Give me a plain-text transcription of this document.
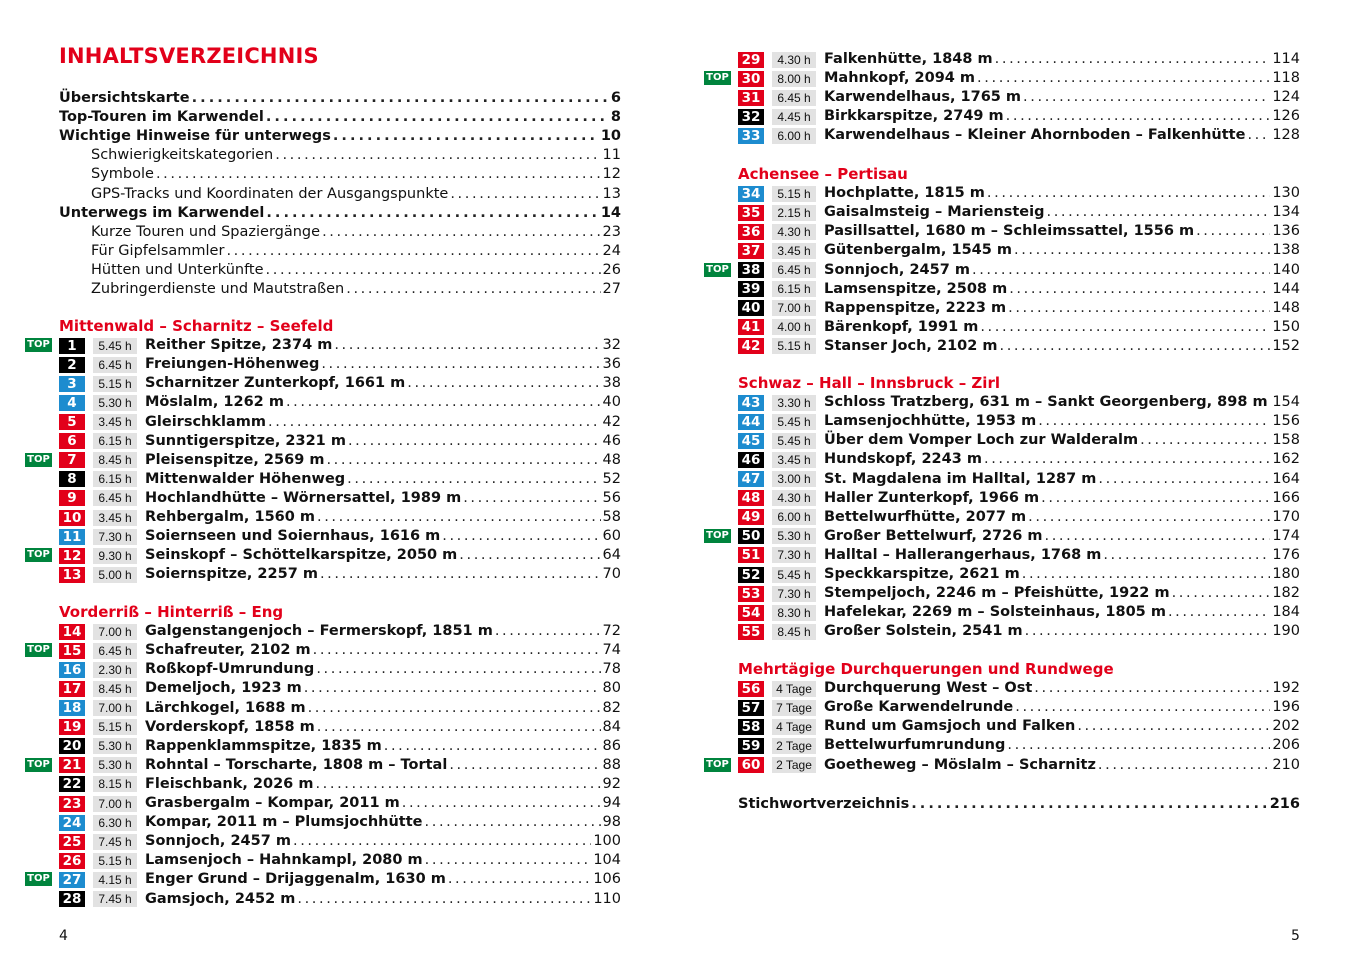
INHALTSVERZEICHNIS
Übersichtskarte . . .	6
Top-Touren im Karwendel . . .	8
Wichtige Hinweise für unterwegs . . .	10
Schwierigkeitskategorien . . .	11
Symbole . . .	12
GPS-Tracks und Koordinaten der Ausgangspunkte . . .	13
Unterwegs im Karwendel . . .	14
Kurze Touren und Spaziergänge . . .	23
Für Gipfelsammler . . .	24
Hütten und Unterkünfte . . .	26
Zubringerdienste und Mautstraßen . . .	27
Mittenwald – Scharnitz – Seefeld
TOP	1	5.45 h Reither Spitze, 2374 m . . .	32
2	6.45 h Freiungen-Höhenweg . . .	36
3	5.15 h Scharnitzer Zunterkopf, 1661 m . . .	38
4	5.30 h Möslalm, 1262 m . . .	40
5	3.45 h Gleirschklamm . . .	42
6	6.15 h Sunntigerspitze, 2321 m . . .	46
TOP	7	8.45 h Pleisenspitze, 2569 m . . .	48
8	6.15 h Mittenwalder Höhenweg . . .	52
9	6.45 h Hochlandhütte – Wörnersattel, 1989 m . . .	56
10	3.45 h Rehbergalm, 1560 m . . .	58
11	7.30 h Soiernseen und Soiernhaus, 1616 m . . .	60
TOP 12	9.30 h Seinskopf – Schöttelkarspitze, 2050 m . . .	64
13	5.00 h Soiernspitze, 2257 m . . .	70
Vorderriß – Hinterriß – Eng
14	7.00 h Galgenstangenjoch – Fermerskopf, 1851 m . . .	72
TOP 15	6.45 h Schafreuter, 2102 m . . .	74
16	2.30 h Roßkopf-Umrundung . . .	78
17	8.45 h Demeljoch, 1923 m . . .	80
18	7.00 h Lärchkogel, 1688 m . . .	82
19	5.15 h Vorderskopf, 1858 m . . .	84
20	5.30 h Rappenklammspitze, 1835 m . . .	86
TOP 21	5.30 h Rohntal – Torscharte, 1808 m – Tortal . . .	88
22	8.15 h Fleischbank, 2026 m . . .	92
23	7.00 h Grasbergalm – Kompar, 2011 m . . .	94
24	6.30 h Kompar, 2011 m – Plumsjochhütte . . .	98
25	7.45 h Sonnjoch, 2457 m . . .	100
26	5.15 h Lamsenjoch – Hahnkampl, 2080 m . . .	104
TOP 27	4.15 h Enger Grund – Drijaggenalm, 1630 m . . .	106
28	7.45 h Gamsjoch, 2452 m . . .	110
4
29	4.30 h Falkenhütte, 1848 m . . .	114
TOP 30	8.00 h Mahnkopf, 2094 m . . .	118
31	6.45 h Karwendelhaus, 1765 m . . .	124
32	4.45 h Birkkarspitze, 2749 m . . .	126
33	6.00 h Karwendelhaus – Kleiner Ahornboden – Falkenhütte . . . 128
Achensee – Pertisau
34	5.15 h Hochplatte, 1815 m . . .	130
35	2.15 h Gaisalmsteig – Mariensteig . . .	134
36	4.30 h Pasillsattel, 1680 m – Schleimssattel, 1556 m . . .	136
37	3.45 h Gütenbergalm, 1545 m . . .	138
TOP 38	6.45 h Sonnjoch, 2457 m . . .	140
39	6.15 h Lamsenspitze, 2508 m . . .	144
40	7.00 h Rappenspitze, 2223 m . . .	148
41	4.00 h Bärenkopf, 1991 m . . .	150
42	5.15 h Stanser Joch, 2102 m . . .	152
Schwaz – Hall – Innsbruck – Zirl
43	3.30 h Schloss Tratzberg, 631 m – Sankt Georgenberg, 898 m . . . 154
44	5.45 h Lamsenjochhütte, 1953 m . . .	156
45	5.45 h Über dem Vomper Loch zur Walderalm . . .	158
46	3.45 h Hundskopf, 2243 m . . .	162
47	3.00 h St. Magdalena im Halltal, 1287 m . . .	164
48	4.30 h Haller Zunterkopf, 1966 m . . .	166
49	6.00 h Bettelwurfhütte, 2077 m . . .	170
TOP 50	5.30 h Großer Bettelwurf, 2726 m . . .	174
51	7.30 h Halltal – Hallerangerhaus, 1768 m . . .	176
52	5.45 h Speckkarspitze, 2621 m . . .	180
53	7.30 h Stempeljoch, 2246 m – Pfeishütte, 1922 m . . .	182
54	8.30 h Hafelekar, 2269 m – Solsteinhaus, 1805 m . . .	184
55	8.45 h Großer Solstein, 2541 m . . .	190
Mehrtägige Durchquerungen und Rundwege
56	4 Tage Durchquerung West – Ost . . .	192
57	7 Tage Große Karwendelrunde . . .	196
58	4 Tage Rund um Gamsjoch und Falken . . .	202
59	2 Tage Bettelwurfumrundung . . .	206
TOP 60	2 Tage Goetheweg – Möslalm – Scharnitz . . .	210
Stichwortverzeichnis . . .	216
5
